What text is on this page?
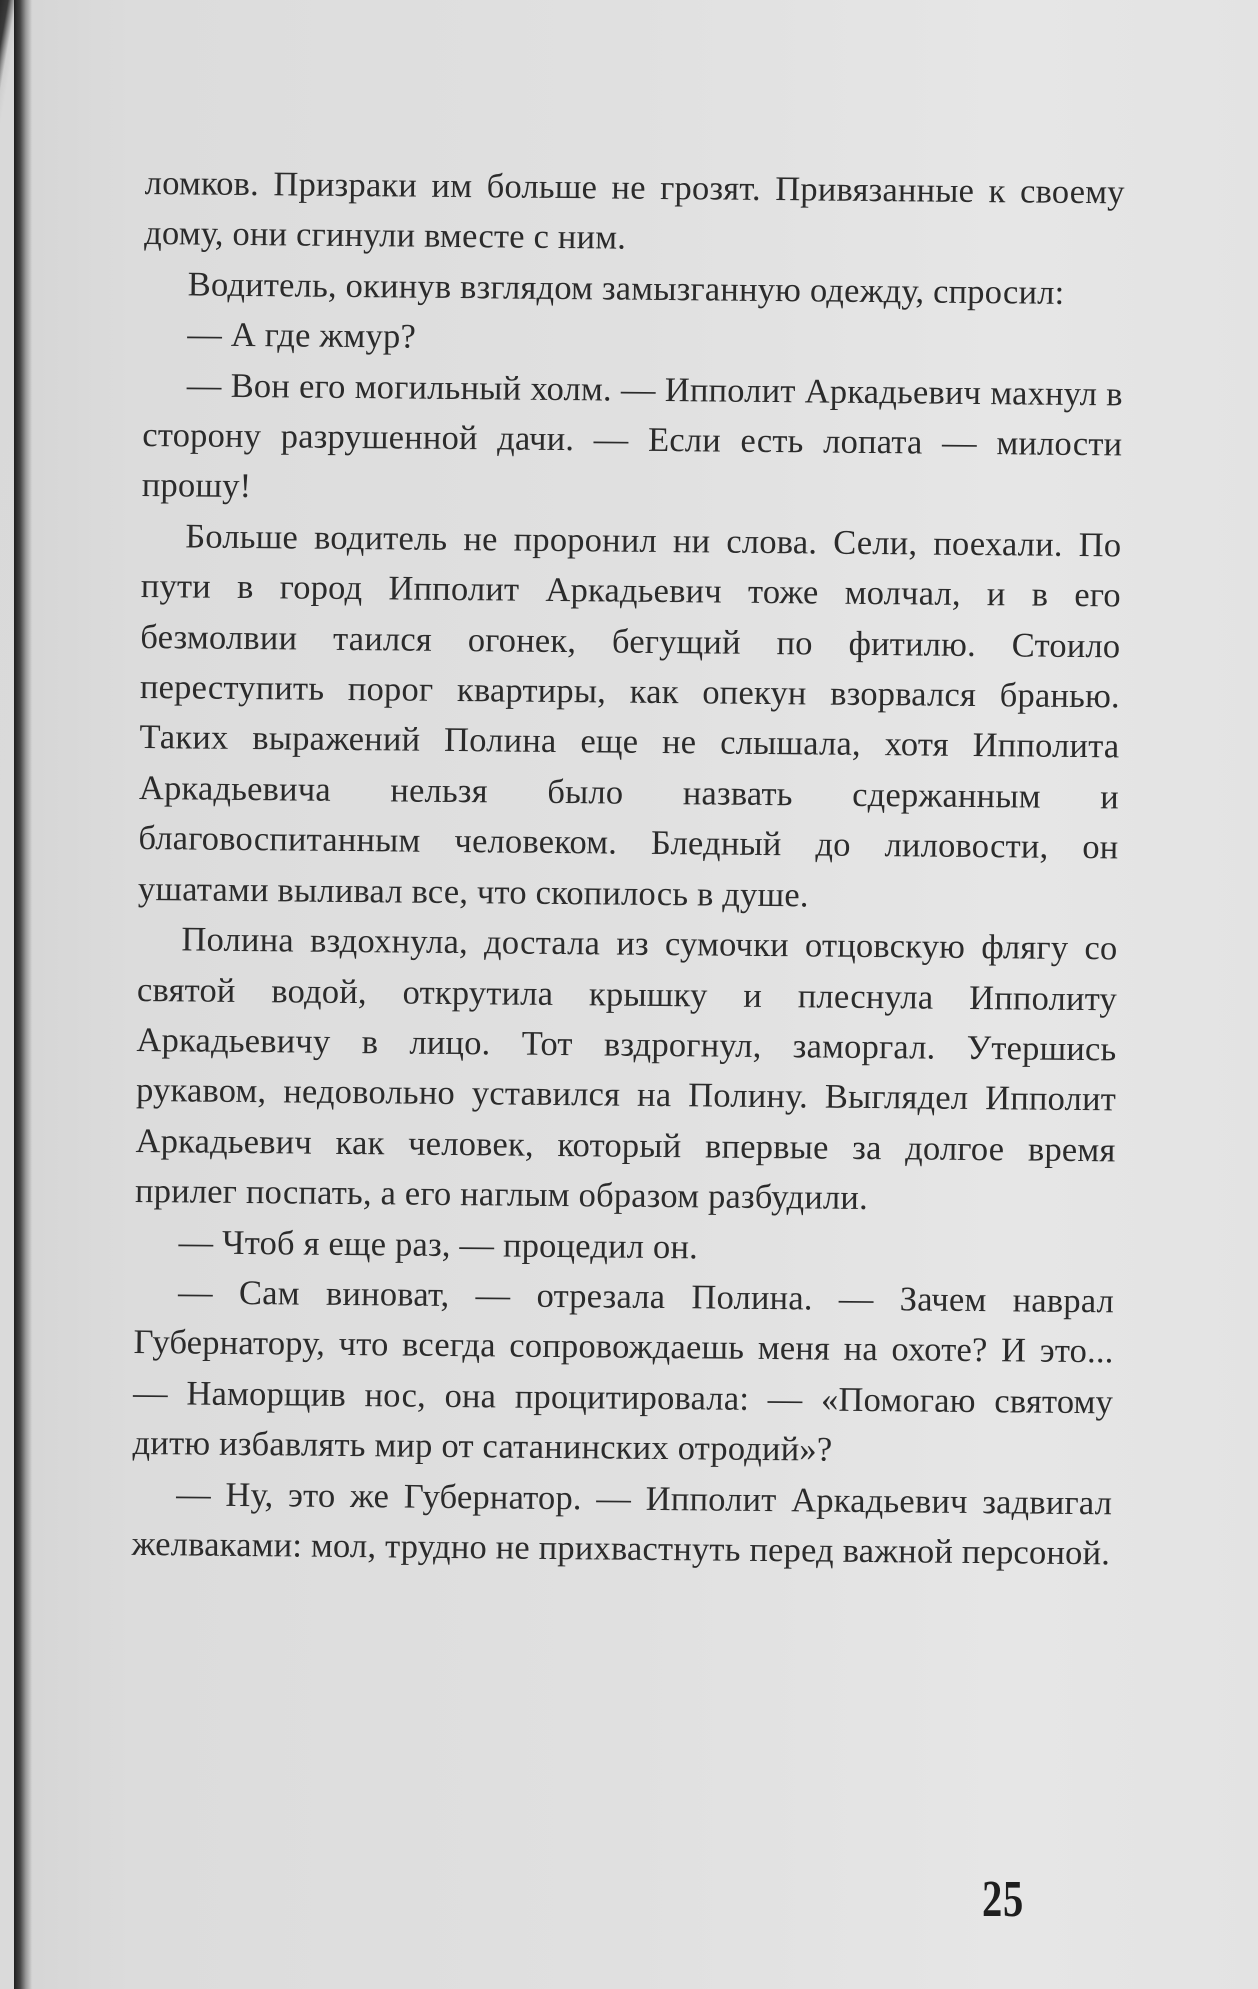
ломков. Призраки им больше не грозят. Привязанные к своему дому, они сгинули вместе с ним.

Водитель, окинув взглядом замызганную одежду, спросил:

— А где жмур?

— Вон его могильный холм. — Ипполит Аркадьевич махнул в сторону разрушенной дачи. — Если есть лопата — милости прошу!

Больше водитель не проронил ни слова. Сели, поехали. По пути в город Ипполит Аркадьевич тоже молчал, и в его безмолвии таился огонек, бегущий по фитилю. Стоило переступить порог квартиры, как опекун взорвался бранью. Таких выражений Полина еще не слышала, хотя Ипполита Аркадьевича нельзя было назвать сдержанным и благовоспитанным человеком. Бледный до лиловости, он ушатами выливал все, что скопилось в душе.

Полина вздохнула, достала из сумочки отцовскую флягу со святой водой, открутила крышку и плеснула Ипполиту Аркадьевичу в лицо. Тот вздрогнул, заморгал. Утершись рукавом, недовольно уставился на Полину. Выглядел Ипполит Аркадьевич как человек, который впервые за долгое время прилег поспать, а его наглым образом разбудили.

— Чтоб я еще раз, — процедил он.

— Сам виноват, — отрезала Полина. — Зачем наврал Губернатору, что всегда сопровождаешь меня на охоте? И это... — Наморщив нос, она процитировала: — «Помогаю святому дитю избавлять мир от сатанинских отродий»?

— Ну, это же Губернатор. — Ипполит Аркадьевич задвигал желваками: мол, трудно не прихвастнуть перед важной персоной.

25
